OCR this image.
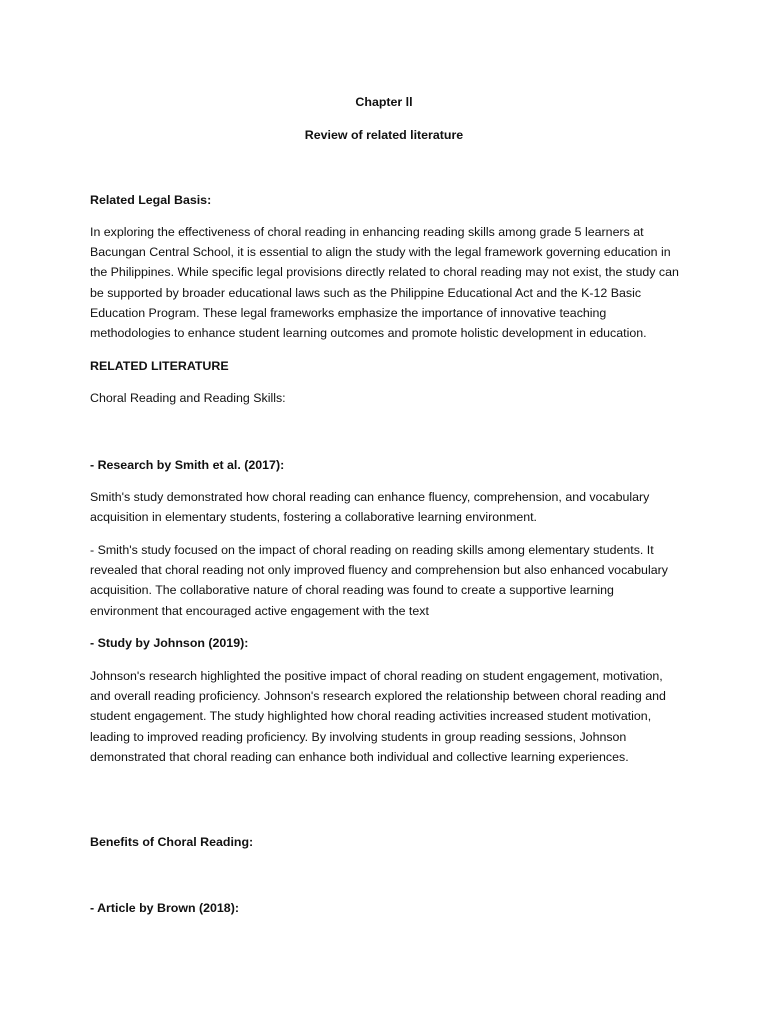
Chapter ll

Review of related literature

Related Legal Basis:

In exploring the effectiveness of choral reading in enhancing reading skills among grade 5 learners at Bacungan Central School, it is essential to align the study with the legal framework governing education in the Philippines. While specific legal provisions directly related to choral reading may not exist, the study can be supported by broader educational laws such as the Philippine Educational Act and the K-12 Basic Education Program. These legal frameworks emphasize the importance of innovative teaching methodologies to enhance student learning outcomes and promote holistic development in education.

RELATED LITERATURE

Choral Reading and Reading Skills:

- Research by Smith et al. (2017):

Smith's study demonstrated how choral reading can enhance fluency, comprehension, and vocabulary acquisition in elementary students, fostering a collaborative learning environment.

- Smith's study focused on the impact of choral reading on reading skills among elementary students. It revealed that choral reading not only improved fluency and comprehension but also enhanced vocabulary acquisition. The collaborative nature of choral reading was found to create a supportive learning environment that encouraged active engagement with the text

- Study by Johnson (2019):

Johnson's research highlighted the positive impact of choral reading on student engagement, motivation, and overall reading proficiency. Johnson's research explored the relationship between choral reading and student engagement. The study highlighted how choral reading activities increased student motivation, leading to improved reading proficiency. By involving students in group reading sessions, Johnson demonstrated that choral reading can enhance both individual and collective learning experiences.

Benefits of Choral Reading:

- Article by Brown (2018):
